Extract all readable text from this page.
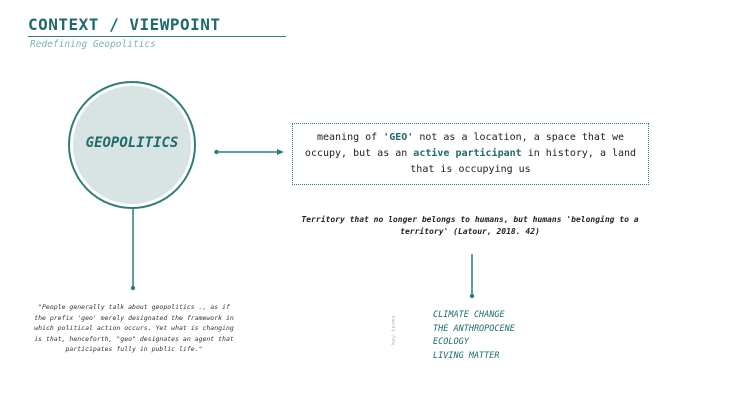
CONTEXT / VIEWPOINT
Redefining Geopolitics
GEOPOLITICS	meaning of 'GEO' not as a location, a space that we occupy, but as an active participant in history, a land that is occupying us
Territory that no longer belongs to humans, but humans 'belonging to a territory' (Latour, 2018. 42)
"People generally talk about geopolitics ., as if the prefix 'geo' merely designated the framework in which political action occurs. Yet what is changing is that, henceforth, "geo" designates an agent that participates fully in public life."
key terms
CLIMATE CHANGE
THE ANTHROPOCENE
ECOLOGY
LIVING MATTER
